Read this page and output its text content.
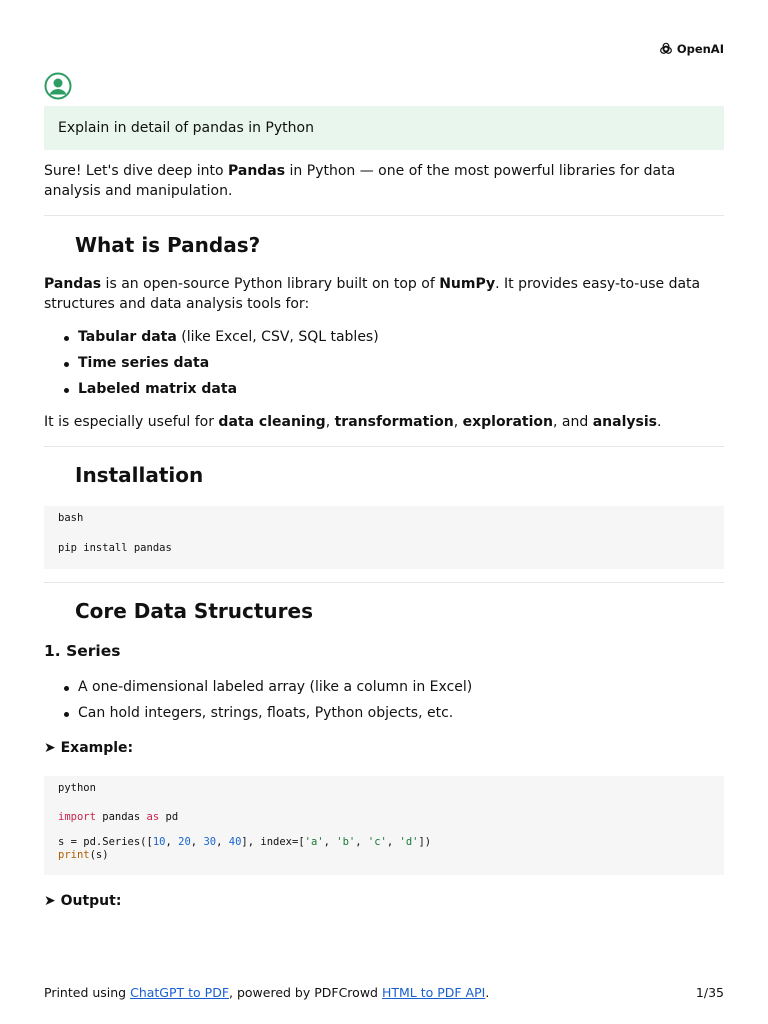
OpenAI
Explain in detail of pandas in Python

Sure! Let's dive deep into Pandas in Python — one of the most powerful libraries for data analysis and manipulation.

What is Pandas?

Pandas is an open-source Python library built on top of NumPy. It provides easy-to-use data structures and data analysis tools for:

Tabular data (like Excel, CSV, SQL tables)
Time series data
Labeled matrix data

It is especially useful for data cleaning, transformation, exploration, and analysis.

Installation
bash
pip install pandas
Core Data Structures
1. Series
A one-dimensional labeled array (like a column in Excel)
Can hold integers, strings, floats, Python objects, etc.
➤ Example:
python
import pandas as pd
s = pd.Series([10, 20, 30, 40], index=['a', 'b', 'c', 'd'])
print(s)
➤ Output:
Printed using ChatGPT to PDF, powered by PDFCrowd HTML to PDF API.	1/35
